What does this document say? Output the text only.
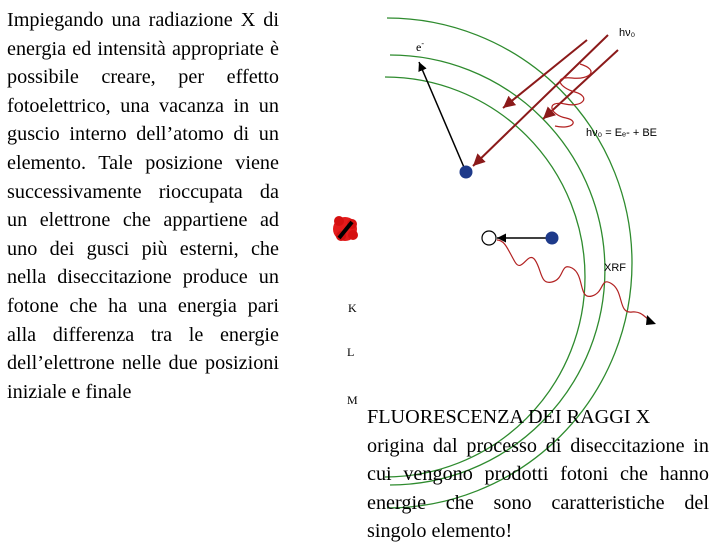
Impiegando una radiazione X di energia ed intensità appropriate è possibile creare, per effetto fotoelettrico, una vacanza in un guscio interno dell’atomo di un elemento. Tale posizione viene successivamente rioccupata da un elettrone che appartiene ad uno dei gusci più esterni, che nella diseccitazione produce un fotone che ha una energia pari alla differenza tra le energie dell’elettrone nelle due posizioni iniziale e finale
hν₀
hν₀ = Eₑ- + BE
e-
XRF
K
L
M
FLUORESCENZA DEI RAGGI X
origina dal processo di diseccitazione in cui vengono prodotti fotoni che hanno energie che sono caratteristiche del singolo elemento!
